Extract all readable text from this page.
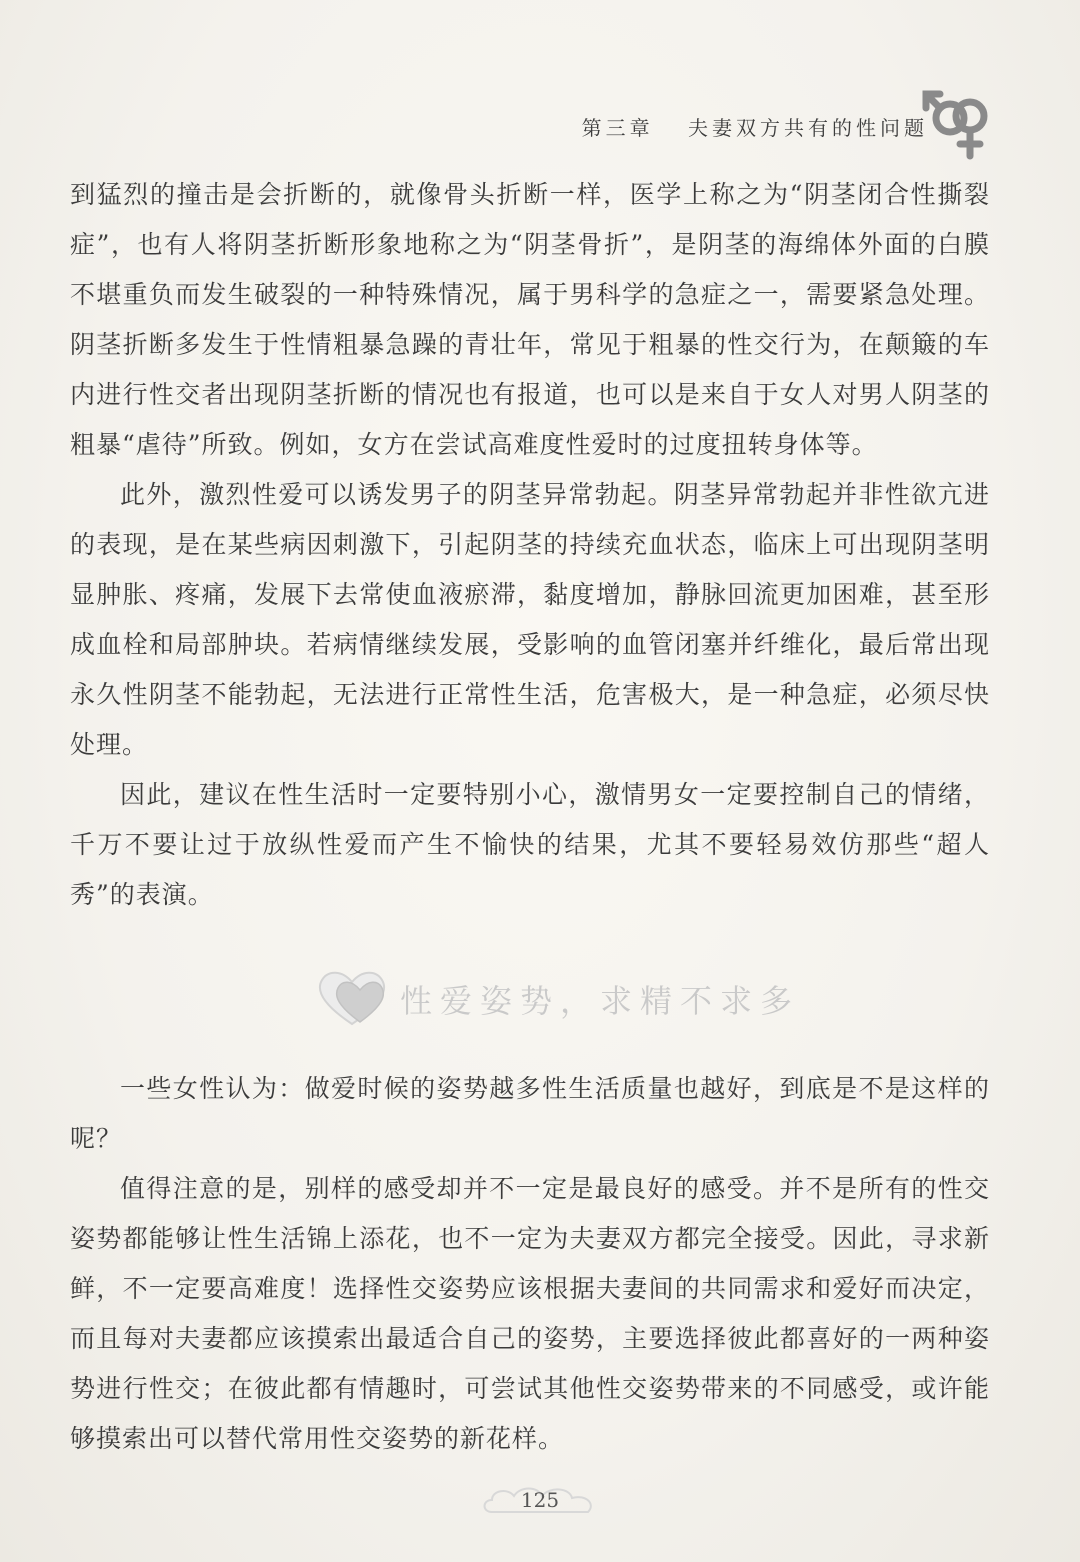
第三章 夫妻双方共有的性问题

到猛烈的撞击是会折断的，就像骨头折断一样，医学上称之为“阴茎闭合性撕裂症”，也有人将阴茎折断形象地称之为“阴茎骨折”，是阴茎的海绵体外面的白膜不堪重负而发生破裂的一种特殊情况，属于男科学的急症之一，需要紧急处理。阴茎折断多发生于性情粗暴急躁的青壮年，常见于粗暴的性交行为，在颠簸的车内进行性交者出现阴茎折断的情况也有报道，也可以是来自于女人对男人阴茎的粗暴“虐待”所致。例如，女方在尝试高难度性爱时的过度扭转身体等。

此外，激烈性爱可以诱发男子的阴茎异常勃起。阴茎异常勃起并非性欲亢进的表现，是在某些病因刺激下，引起阴茎的持续充血状态，临床上可出现阴茎明显肿胀、疼痛，发展下去常使血液瘀滞，黏度增加，静脉回流更加困难，甚至形成血栓和局部肿块。若病情继续发展，受影响的血管闭塞并纤维化，最后常出现永久性阴茎不能勃起，无法进行正常性生活，危害极大，是一种急症，必须尽快处理。

因此，建议在性生活时一定要特别小心，激情男女一定要控制自己的情绪，千万不要让过于放纵性爱而产生不愉快的结果，尤其不要轻易效仿那些“超人秀”的表演。

性爱姿势，求精不求多

一些女性认为：做爱时候的姿势越多性生活质量也越好，到底是不是这样的呢？

值得注意的是，别样的感受却并不一定是最良好的感受。并不是所有的性交姿势都能够让性生活锦上添花，也不一定为夫妻双方都完全接受。因此，寻求新鲜，不一定要高难度！选择性交姿势应该根据夫妻间的共同需求和爱好而决定，而且每对夫妻都应该摸索出最适合自己的姿势，主要选择彼此都喜好的一两种姿势进行性交；在彼此都有情趣时，可尝试其他性交姿势带来的不同感受，或许能够摸索出可以替代常用性交姿势的新花样。

125
